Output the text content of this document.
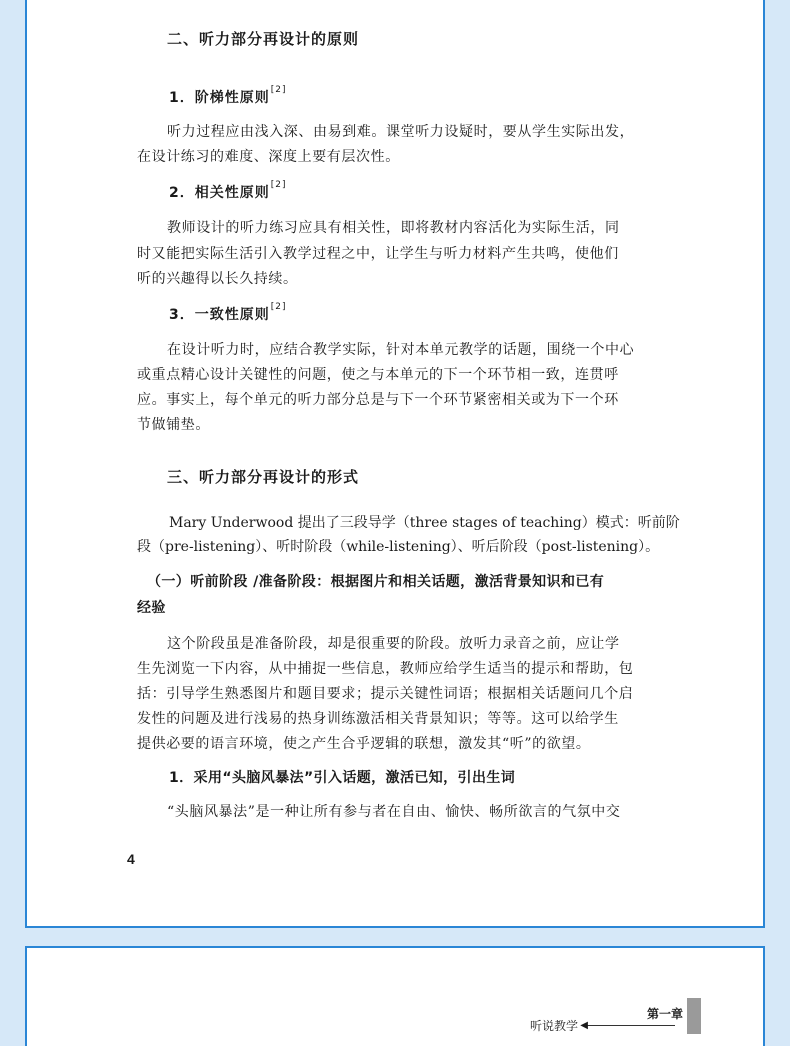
二、听力部分再设计的原则
1．阶梯性原则[2]
听力过程应由浅入深、由易到难。课堂听力设疑时，要从学生实际出发，
在设计练习的难度、深度上要有层次性。
2．相关性原则[2]
教师设计的听力练习应具有相关性，即将教材内容活化为实际生活，同
时又能把实际生活引入教学过程之中，让学生与听力材料产生共鸣，使他们
听的兴趣得以长久持续。
3．一致性原则[2]
在设计听力时，应结合教学实际，针对本单元教学的话题，围绕一个中心
或重点精心设计关键性的问题，使之与本单元的下一个环节相一致，连贯呼
应。事实上，每个单元的听力部分总是与下一个环节紧密相关或为下一个环
节做铺垫。
三、听力部分再设计的形式
Mary Underwood 提出了三段导学（three stages of teaching）模式：听前阶
段（pre-listening）、听时阶段（while-listening）、听后阶段（post-listening）。
（一）听前阶段 /准备阶段：根据图片和相关话题，激活背景知识和已有
经验
这个阶段虽是准备阶段，却是很重要的阶段。放听力录音之前，应让学
生先浏览一下内容，从中捕捉一些信息，教师应给学生适当的提示和帮助，包
括：引导学生熟悉图片和题目要求；提示关键性词语；根据相关话题问几个启
发性的问题及进行浅易的热身训练激活相关背景知识；等等。这可以给学生
提供必要的语言环境，使之产生合乎逻辑的联想，激发其“听”的欲望。
1．采用“头脑风暴法”引入话题，激活已知，引出生词
“头脑风暴法”是一种让所有参与者在自由、愉快、畅所欲言的气氛中交
4
第一章
◀
听说教学
